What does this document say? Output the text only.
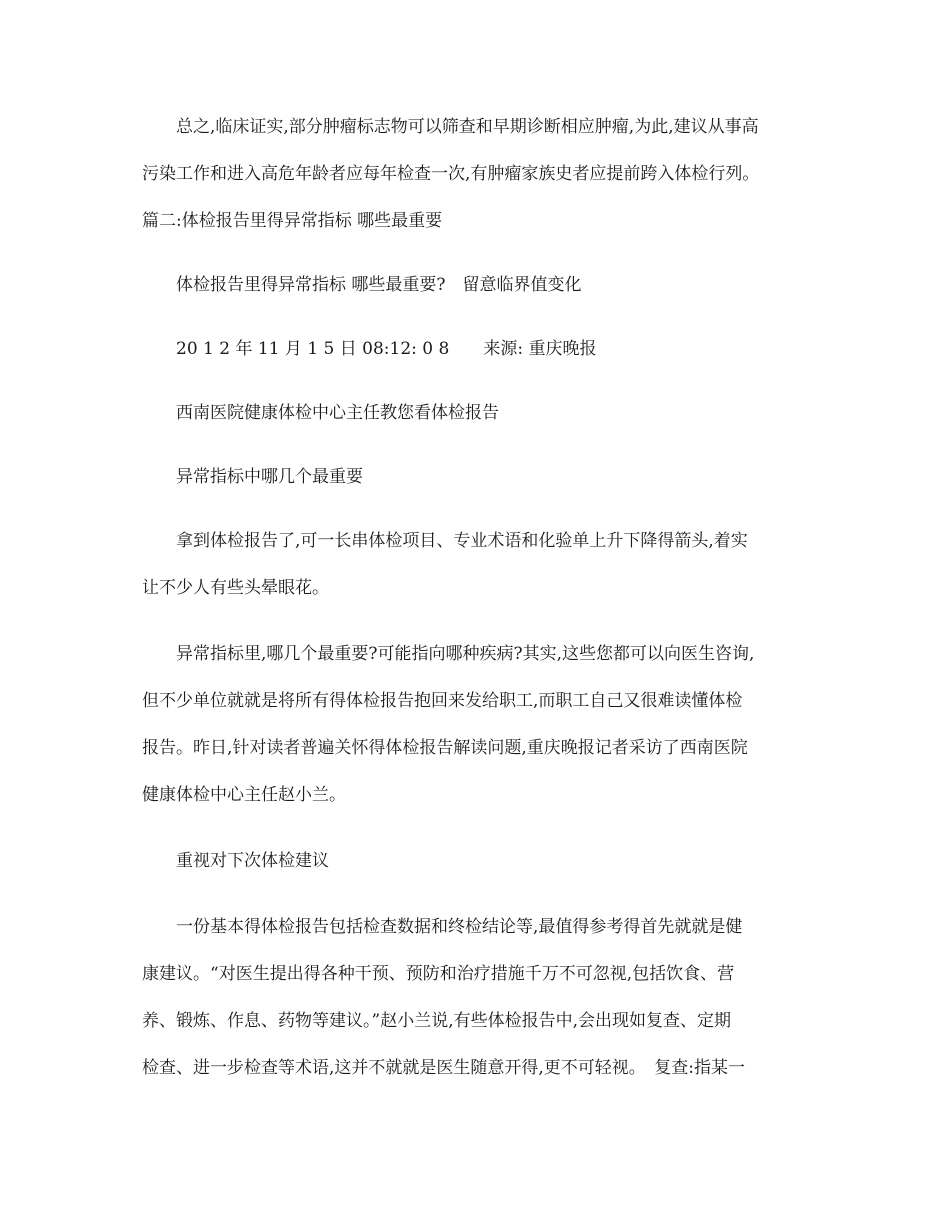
总之,临床证实,部分肿瘤标志物可以筛查和早期诊断相应肿瘤,为此,建议从事高

污染工作和进入高危年龄者应每年检查一次,有肿瘤家族史者应提前跨入体检行列。

篇二:体检报告里得异常指标 哪些最重要

体检报告里得异常指标 哪些最重要?　留意临界值变化

20 1 2 年 11 月 1 5 日 08:12: 0 8　　来源: 重庆晚报

西南医院健康体检中心主任教您看体检报告

异常指标中哪几个最重要

拿到体检报告了,可一长串体检项目、专业术语和化验单上升下降得箭头,着实

让不少人有些头晕眼花。

异常指标里,哪几个最重要?可能指向哪种疾病?其实,这些您都可以向医生咨询,

但不少单位就就是将所有得体检报告抱回来发给职工,而职工自己又很难读懂体检

报告。昨日,针对读者普遍关怀得体检报告解读问题,重庆晚报记者采访了西南医院

健康体检中心主任赵小兰。

重视对下次体检建议

一份基本得体检报告包括检查数据和终检结论等,最值得参考得首先就就是健

康建议。“对医生提出得各种干预、预防和治疗措施千万不可忽视,包括饮食、营

养、锻炼、作息、药物等建议。”赵小兰说,有些体检报告中,会出现如复查、定期

检查、进一步检查等术语,这并不就就是医生随意开得,更不可轻视。　复查:指某一
